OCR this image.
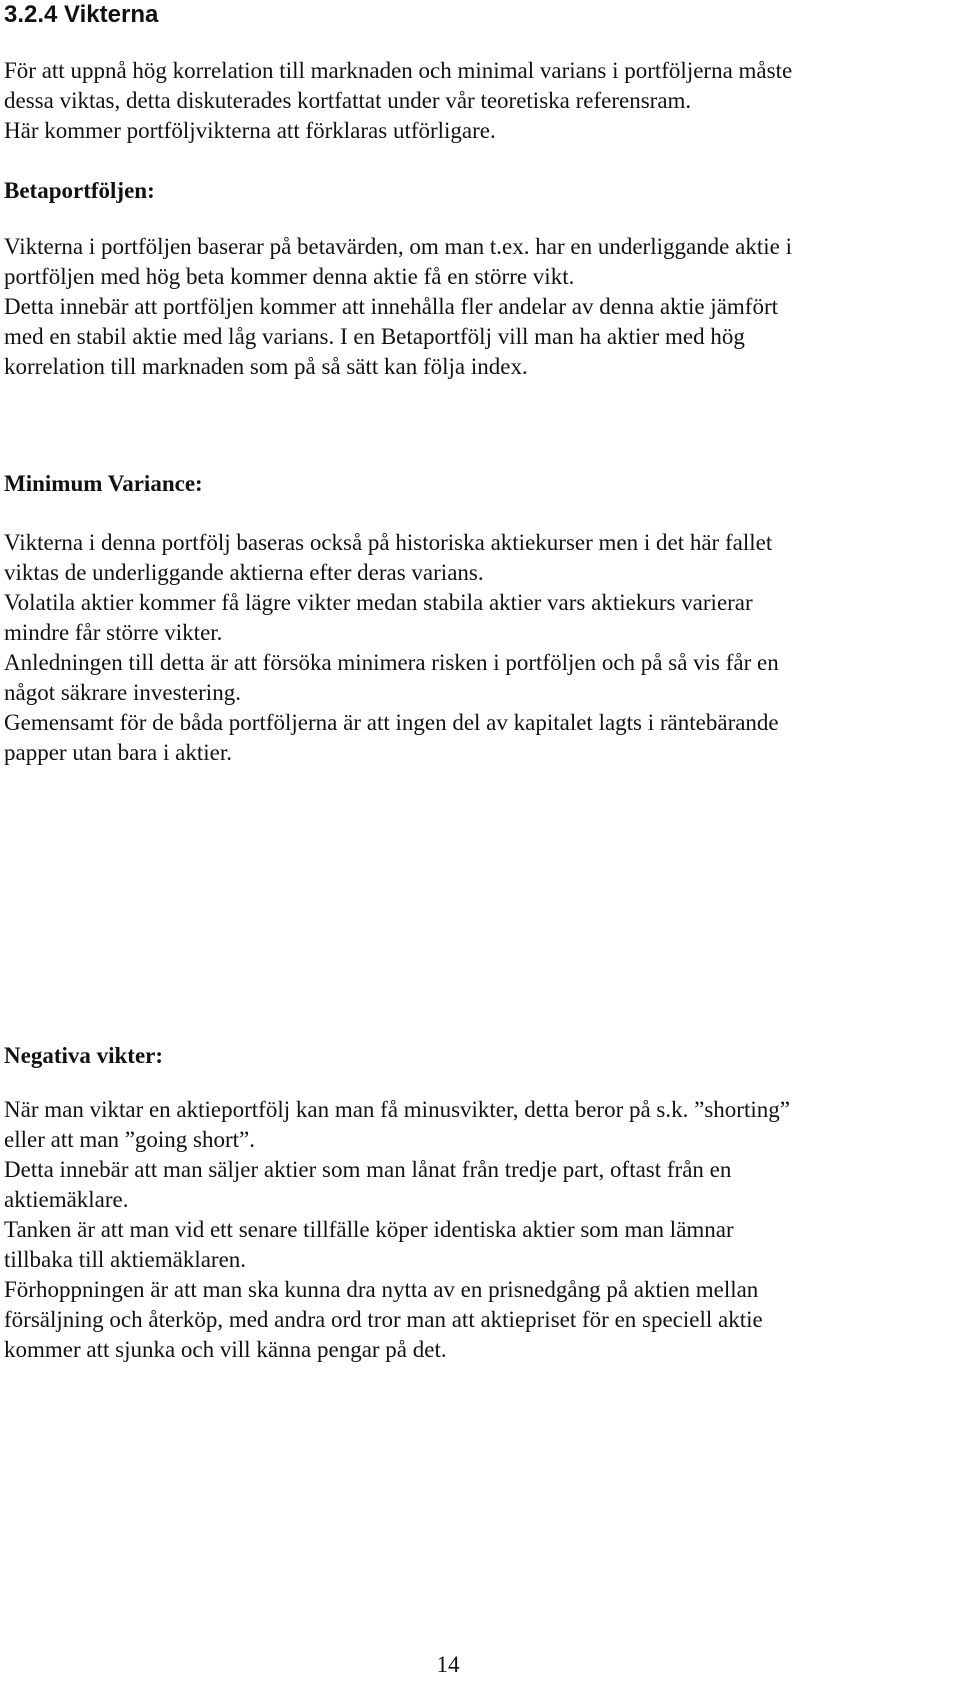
3.2.4 Vikterna
För att uppnå hög korrelation till marknaden och minimal varians i portföljerna måste
dessa viktas, detta diskuterades kortfattat under vår teoretiska referensram.
Här kommer portföljvikterna att förklaras utförligare.
Betaportföljen:
Vikterna i portföljen baserar på betavärden, om man t.ex. har en underliggande aktie i
portföljen med hög beta kommer denna aktie få en större vikt.
Detta innebär att portföljen kommer att innehålla fler andelar av denna aktie jämfört
med en stabil aktie med låg varians. I en Betaportfölj vill man ha aktier med hög
korrelation till marknaden som på så sätt kan följa index.
Minimum Variance:
Vikterna i denna portfölj baseras också på historiska aktiekurser men i det här fallet
viktas de underliggande aktierna efter deras varians.
Volatila aktier kommer få lägre vikter medan stabila aktier vars aktiekurs varierar
mindre får större vikter.
Anledningen till detta är att försöka minimera risken i portföljen och på så vis får en
något säkrare investering.
Gemensamt för de båda portföljerna är att ingen del av kapitalet lagts i räntebärande
papper utan bara i aktier.
Negativa vikter:
När man viktar en aktieportfölj kan man få minusvikter, detta beror på s.k. ”shorting”
eller att man ”going short”.
Detta innebär att man säljer aktier som man lånat från tredje part, oftast från en
aktiemäklare.
Tanken är att man vid ett senare tillfälle köper identiska aktier som man lämnar
tillbaka till aktiemäklaren.
Förhoppningen är att man ska kunna dra nytta av en prisnedgång på aktien mellan
försäljning och återköp, med andra ord tror man att aktiepriset för en speciell aktie
kommer att sjunka och vill känna pengar på det.
14
